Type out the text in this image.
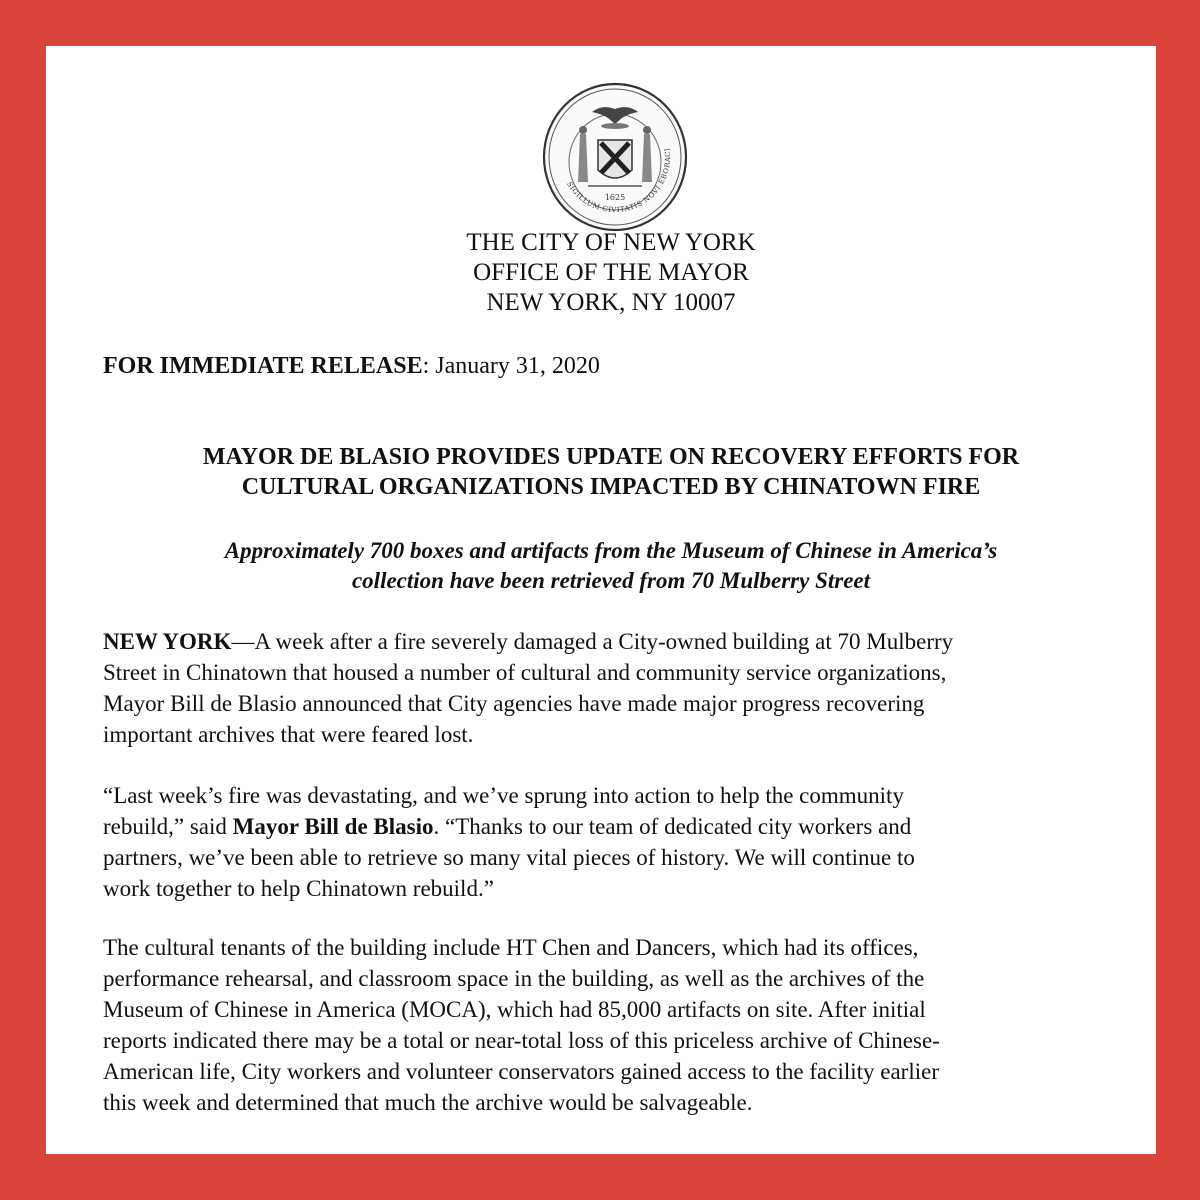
SIGILLUM CIVITATIS NOVI EBORACI
1625
THE CITY OF NEW YORK
OFFICE OF THE MAYOR
NEW YORK, NY 10007
FOR IMMEDIATE RELEASE: January 31, 2020
MAYOR DE BLASIO PROVIDES UPDATE ON RECOVERY EFFORTS FOR
CULTURAL ORGANIZATIONS IMPACTED BY CHINATOWN FIRE
Approximately 700 boxes and artifacts from the Museum of Chinese in America’s
collection have been retrieved from 70 Mulberry Street
NEW YORK—A week after a fire severely damaged a City-owned building at 70 Mulberry
Street in Chinatown that housed a number of cultural and community service organizations,
Mayor Bill de Blasio announced that City agencies have made major progress recovering
important archives that were feared lost.
“Last week’s fire was devastating, and we’ve sprung into action to help the community
rebuild,” said Mayor Bill de Blasio. “Thanks to our team of dedicated city workers and
partners, we’ve been able to retrieve so many vital pieces of history. We will continue to
work together to help Chinatown rebuild.”
The cultural tenants of the building include HT Chen and Dancers, which had its offices,
performance rehearsal, and classroom space in the building, as well as the archives of the
Museum of Chinese in America (MOCA), which had 85,000 artifacts on site. After initial
reports indicated there may be a total or near-total loss of this priceless archive of Chinese-
American life, City workers and volunteer conservators gained access to the facility earlier
this week and determined that much the archive would be salvageable.
